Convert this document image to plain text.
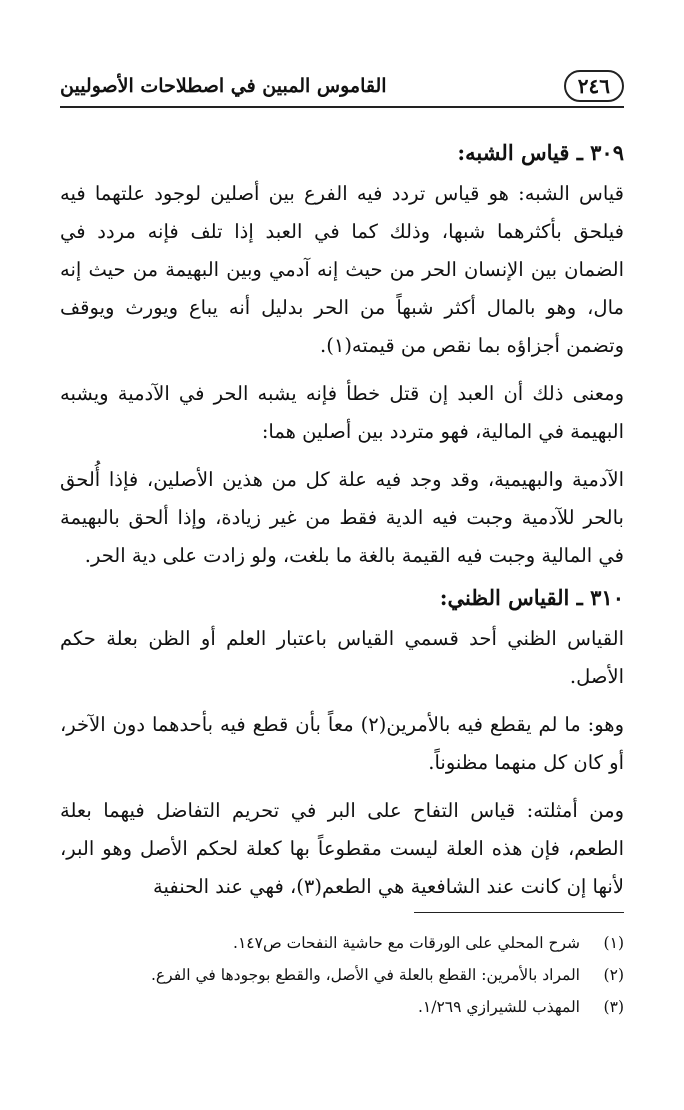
٢٤٦
القاموس المبين في اصطلاحات الأصوليين
٣٠٩ ـ قياس الشبه:

قياس الشبه: هو قياس تردد فيه الفرع بين أصلين لوجود علتهما فيه فيلحق بأكثرهما شبها، وذلك كما في العبد إذا تلف فإنه مردد في الضمان بين الإنسان الحر من حيث إنه آدمي وبين البهيمة من حيث إنه مال، وهو بالمال أكثر شبهاً من الحر بدليل أنه يباع ويورث ويوقف وتضمن أجزاؤه بما نقص من قيمته(١).

ومعنى ذلك أن العبد إن قتل خطأ فإنه يشبه الحر في الآدمية ويشبه البهيمة في المالية، فهو متردد بين أصلين هما:

الآدمية والبهيمية، وقد وجد فيه علة كل من هذين الأصلين، فإذا أُلحق بالحر للآدمية وجبت فيه الدية فقط من غير زيادة، وإذا ألحق بالبهيمة في المالية وجبت فيه القيمة بالغة ما بلغت، ولو زادت على دية الحر.

٣١٠ ـ القياس الظني:

القياس الظني أحد قسمي القياس باعتبار العلم أو الظن بعلة حكم الأصل.

وهو: ما لم يقطع فيه بالأمرين(٢) معاً بأن قطع فيه بأحدهما دون الآخر، أو كان كل منهما مظنوناً.

ومن أمثلته: قياس التفاح على البر في تحريم التفاضل فيهما بعلة الطعم، فإن هذه العلة ليست مقطوعاً بها كعلة لحكم الأصل وهو البر، لأنها إن كانت عند الشافعية هي الطعم(٣)، فهي عند الحنفية

(١)
شرح المحلي على الورقات مع حاشية النفحات ص١٤٧.
(٢)
المراد بالأمرين: القطع بالعلة في الأصل، والقطع بوجودها في الفرع.
(٣)
المهذب للشيرازي ١/٢٦٩.
